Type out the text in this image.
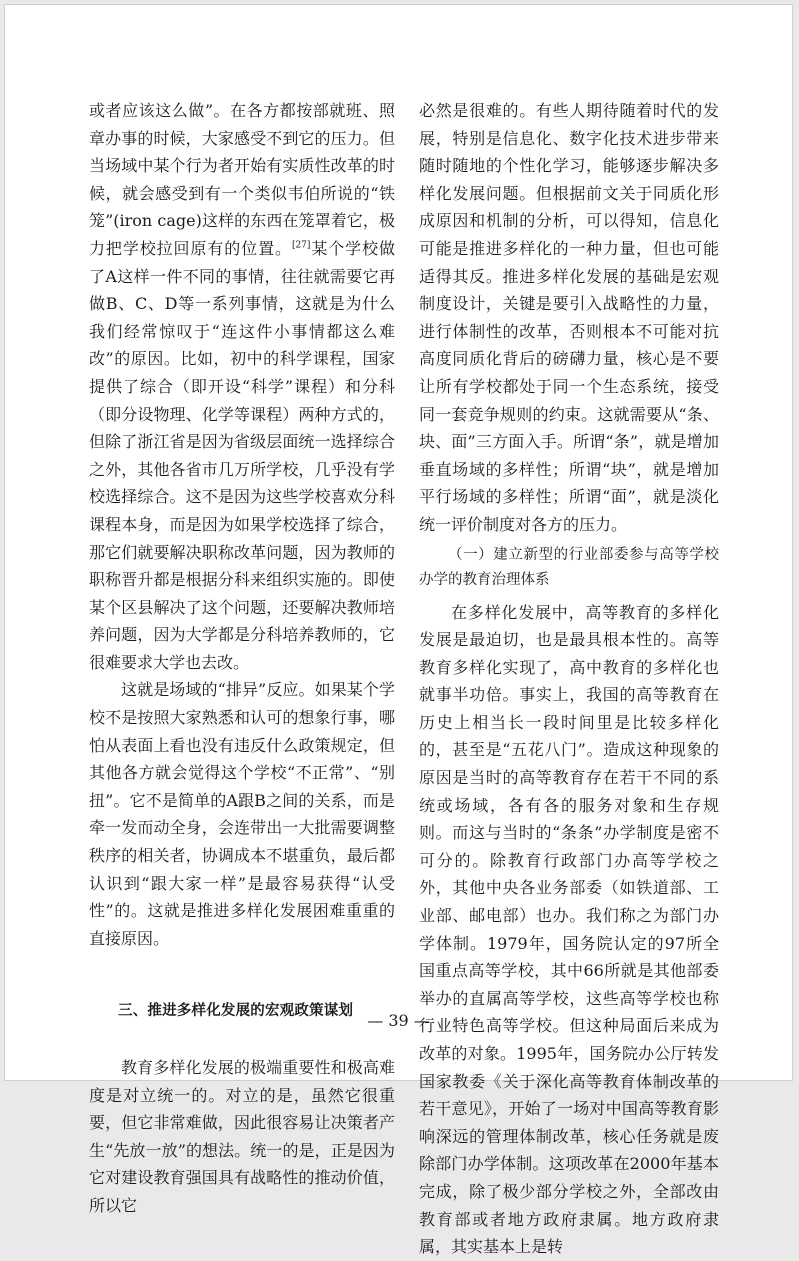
或者应该这么做”。在各方都按部就班、照章办事的时候，大家感受不到它的压力。但当场域中某个行为者开始有实质性改革的时候，就会感受到有一个类似韦伯所说的“铁笼”(iron cage)这样的东西在笼罩着它，极力把学校拉回原有的位置。[27]某个学校做了A这样一件不同的事情，往往就需要它再做B、C、D等一系列事情，这就是为什么我们经常惊叹于“连这件小事情都这么难改”的原因。比如，初中的科学课程，国家提供了综合（即开设“科学”课程）和分科（即分设物理、化学等课程）两种方式的，但除了浙江省是因为省级层面统一选择综合之外，其他各省市几万所学校，几乎没有学校选择综合。这不是因为这些学校喜欢分科课程本身，而是因为如果学校选择了综合，那它们就要解决职称改革问题，因为教师的职称晋升都是根据分科来组织实施的。即使某个区县解决了这个问题，还要解决教师培养问题，因为大学都是分科培养教师的，它很难要求大学也去改。

这就是场域的“排异”反应。如果某个学校不是按照大家熟悉和认可的想象行事，哪怕从表面上看也没有违反什么政策规定，但其他各方就会觉得这个学校“不正常”、“别扭”。它不是简单的A跟B之间的关系，而是牵一发而动全身，会连带出一大批需要调整秩序的相关者，协调成本不堪重负，最后都认识到“跟大家一样”是最容易获得“认受性”的。这就是推进多样化发展困难重重的直接原因。

三、推进多样化发展的宏观政策谋划

教育多样化发展的极端重要性和极高难度是对立统一的。对立的是，虽然它很重要，但它非常难做，因此很容易让决策者产生“先放一放”的想法。统一的是，正是因为它对建设教育强国具有战略性的推动价值，所以它

必然是很难的。有些人期待随着时代的发展，特别是信息化、数字化技术进步带来随时随地的个性化学习，能够逐步解决多样化发展问题。但根据前文关于同质化形成原因和机制的分析，可以得知，信息化可能是推进多样化的一种力量，但也可能适得其反。推进多样化发展的基础是宏观制度设计，关键是要引入战略性的力量，进行体制性的改革，否则根本不可能对抗高度同质化背后的磅礴力量，核心是不要让所有学校都处于同一个生态系统，接受同一套竞争规则的约束。这就需要从“条、块、面”三方面入手。所谓“条”，就是增加垂直场域的多样性；所谓“块”，就是增加平行场域的多样性；所谓“面”，就是淡化统一评价制度对各方的压力。

（一）建立新型的行业部委参与高等学校办学的教育治理体系

在多样化发展中，高等教育的多样化发展是最迫切，也是最具根本性的。高等教育多样化实现了，高中教育的多样化也就事半功倍。事实上，我国的高等教育在历史上相当长一段时间里是比较多样化的，甚至是“五花八门”。造成这种现象的原因是当时的高等教育存在若干不同的系统或场域，各有各的服务对象和生存规则。而这与当时的“条条”办学制度是密不可分的。除教育行政部门办高等学校之外，其他中央各业务部委（如铁道部、工业部、邮电部）也办。我们称之为部门办学体制。1979年，国务院认定的97所全国重点高等学校，其中66所就是其他部委举办的直属高等学校，这些高等学校也称行业特色高等学校。但这种局面后来成为改革的对象。1995年，国务院办公厅转发国家教委《关于深化高等教育体制改革的若干意见》，开始了一场对中国高等教育影响深远的管理体制改革，核心任务就是废除部门办学体制。这项改革在2000年基本完成，除了极少部分学校之外，全部改由教育部或者地方政府隶属。地方政府隶属，其实基本上是转

— 39 —
